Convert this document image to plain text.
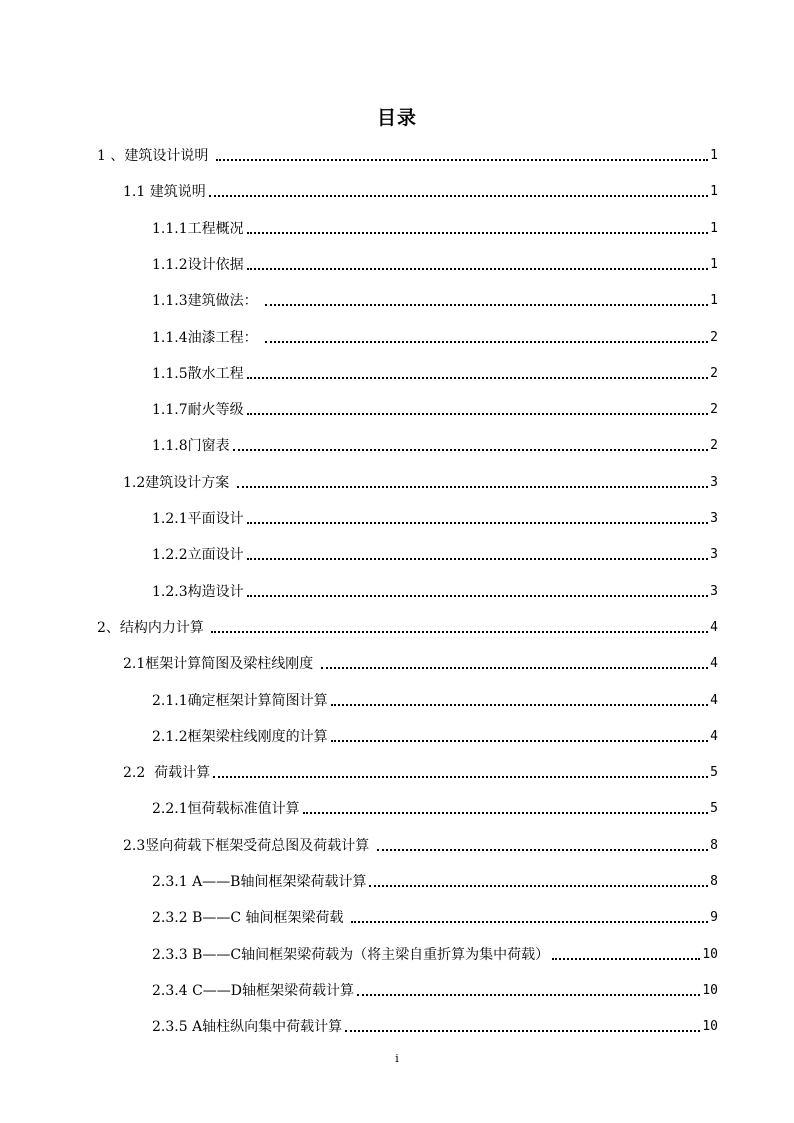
目录
1 、建筑设计说明	1
1.1 建筑说明	1
1.1.1工程概况	1
1.1.2设计依据	1
1.1.3建筑做法：	1
1.1.4油漆工程：	2
1.1.5散水工程	2
1.1.7耐火等级	2
1.1.8门窗表	2
1.2建筑设计方案	3
1.2.1平面设计	3
1.2.2立面设计	3
1.2.3构造设计	3
2、结构内力计算	4
2.1框架计算简图及梁柱线刚度	4
2.1.1确定框架计算简图计算	4
2.1.2框架梁柱线刚度的计算	4
2.2  荷载计算	5
2.2.1恒荷载标准值计算	5
2.3竖向荷载下框架受荷总图及荷载计算	8
2.3.1 A——B轴间框架梁荷载计算	8
2.3.2 B——C 轴间框架梁荷载	9
2.3.3 B——C轴间框架梁荷载为（将主梁自重折算为集中荷载）	10
2.3.4 C——D轴框架梁荷载计算	10
2.3.5 A轴柱纵向集中荷载计算	10
i
